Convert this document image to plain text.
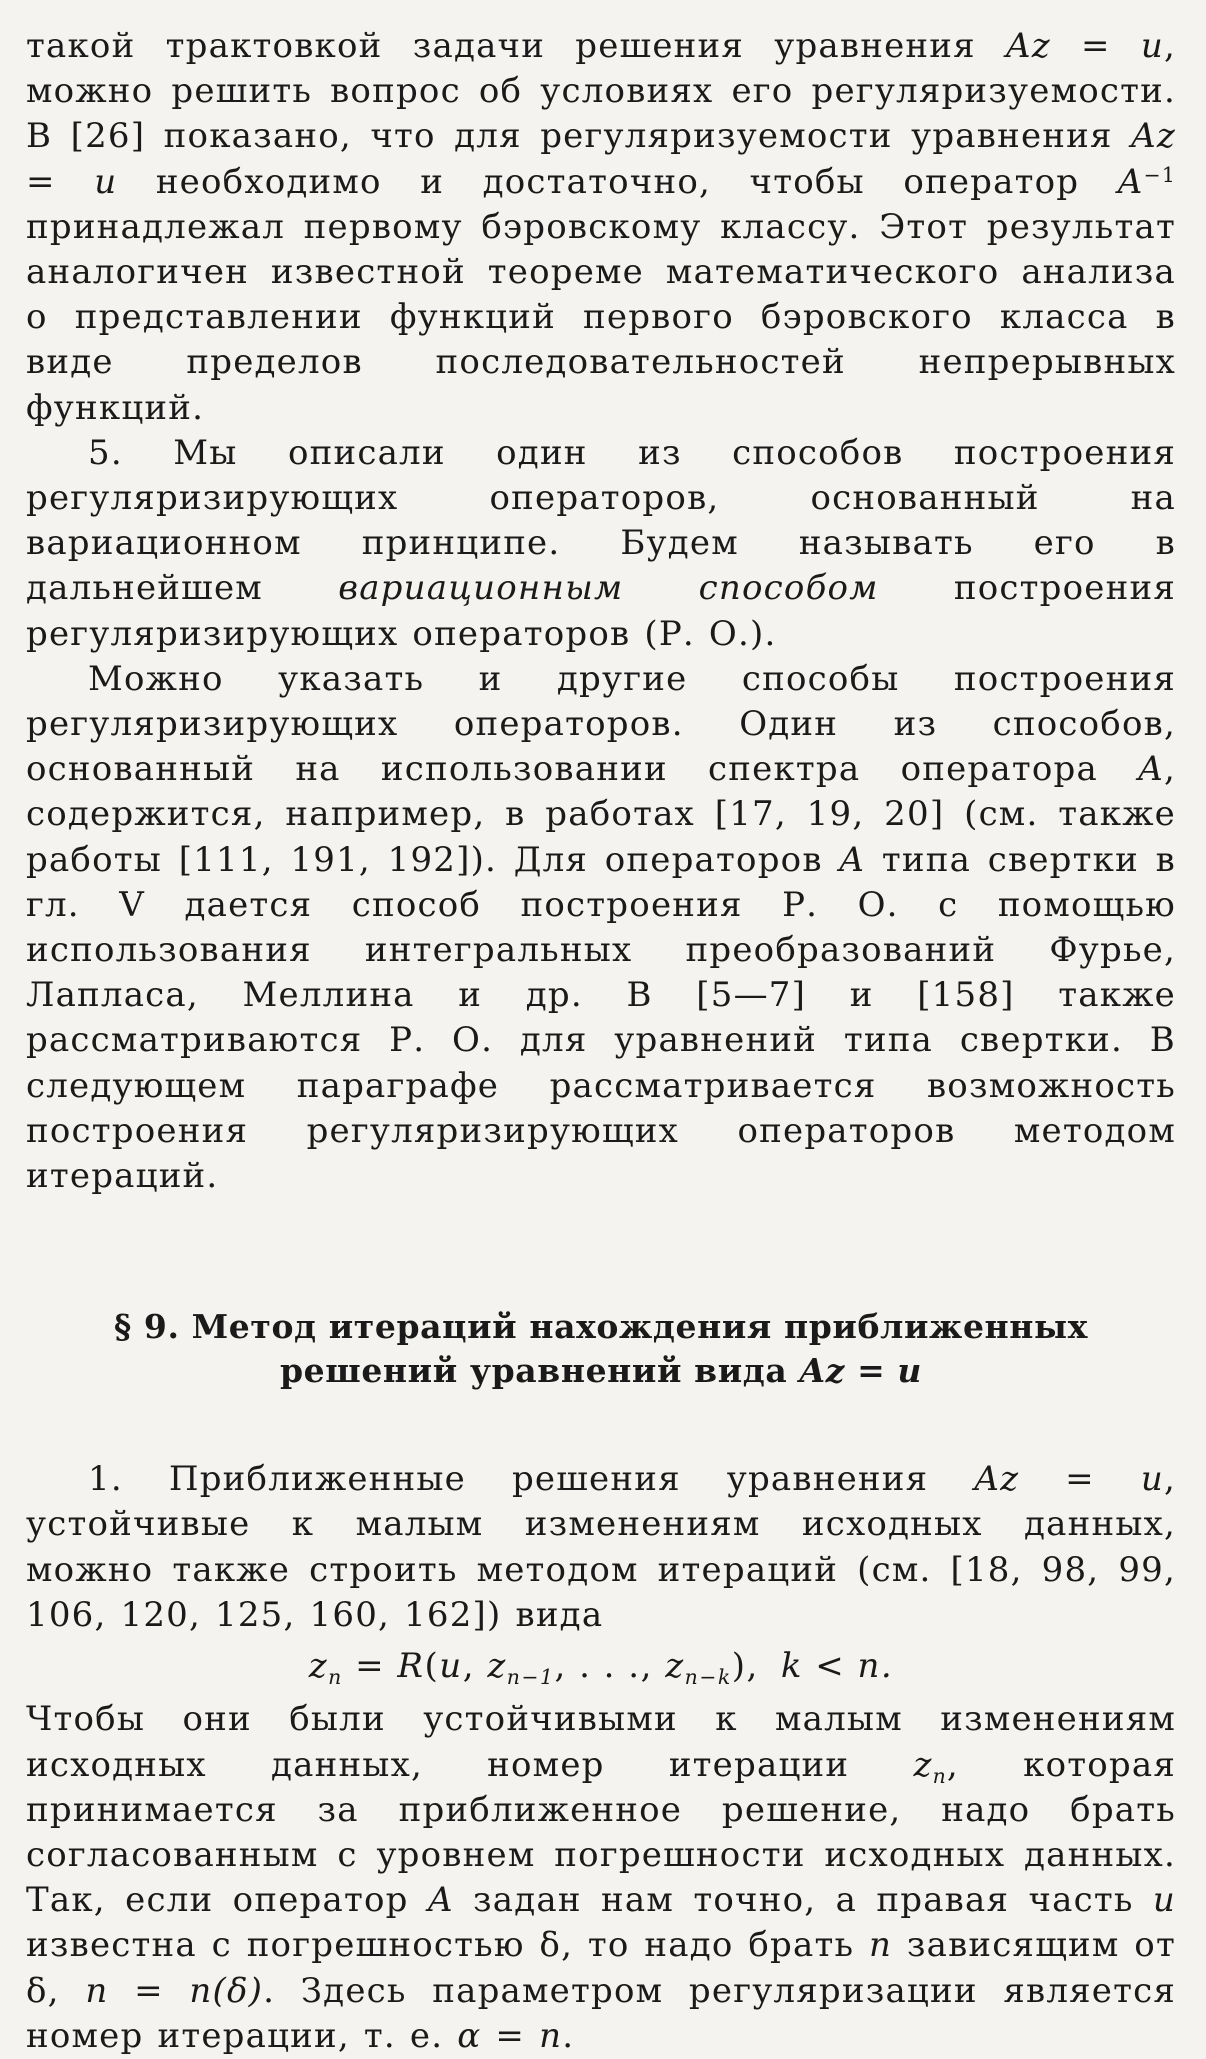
такой трактовкой задачи решения уравнения Az = u, можно решить вопрос об условиях его регуляризуемости. В [26] показано, что для регуляризуемости уравнения Az = u необходимо и достаточно, чтобы оператор $A^{-1}$ принадлежал первому бэровскому классу. Этот результат аналогичен известной теореме математического анализа о представлении функций первого бэровского класса в виде пределов последовательностей непрерывных функций.

5. Мы описали один из способов построения регуляризирующих операторов, основанный на вариационном принципе. Будем называть его в дальнейшем вариационным способом построения регуляризирующих операторов (Р. О.).

Можно указать и другие способы построения регуляризирующих операторов. Один из способов, основанный на использовании спектра оператора A, содержится, например, в работах [17, 19, 20] (см. также работы [111, 191, 192]). Для операторов A типа свертки в гл. V дается способ построения Р. О. с помощью использования интегральных преобразований Фурье, Лапласа, Меллина и др. В [5—7] и [158] также рассматриваются Р. О. для уравнений типа свертки. В следующем параграфе рассматривается возможность построения регуляризирующих операторов методом итераций.

§ 9. Метод итераций нахождения приближенных
решений уравнений вида Az = u

1. Приближенные решения уравнения Az = u, устойчивые к малым изменениям исходных данных, можно также строить методом итераций (см. [18, 98, 99, 106, 120, 125, 160, 162]) вида

$z_n = R(u$, $z_{n-1}$, . . ., $z_{n-k}$), k < n.

Чтобы они были устойчивыми к малым изменениям исходных данных, номер итерации $z_n$, которая принимается за приближенное решение, надо брать согласованным с уровнем погрешности исходных данных. Так, если оператор A задан нам точно, а правая часть u известна с погрешностью δ, то надо брать n зависящим от δ, n = n(δ). Здесь параметром регуляризации является номер итерации, т. е. α = n.
